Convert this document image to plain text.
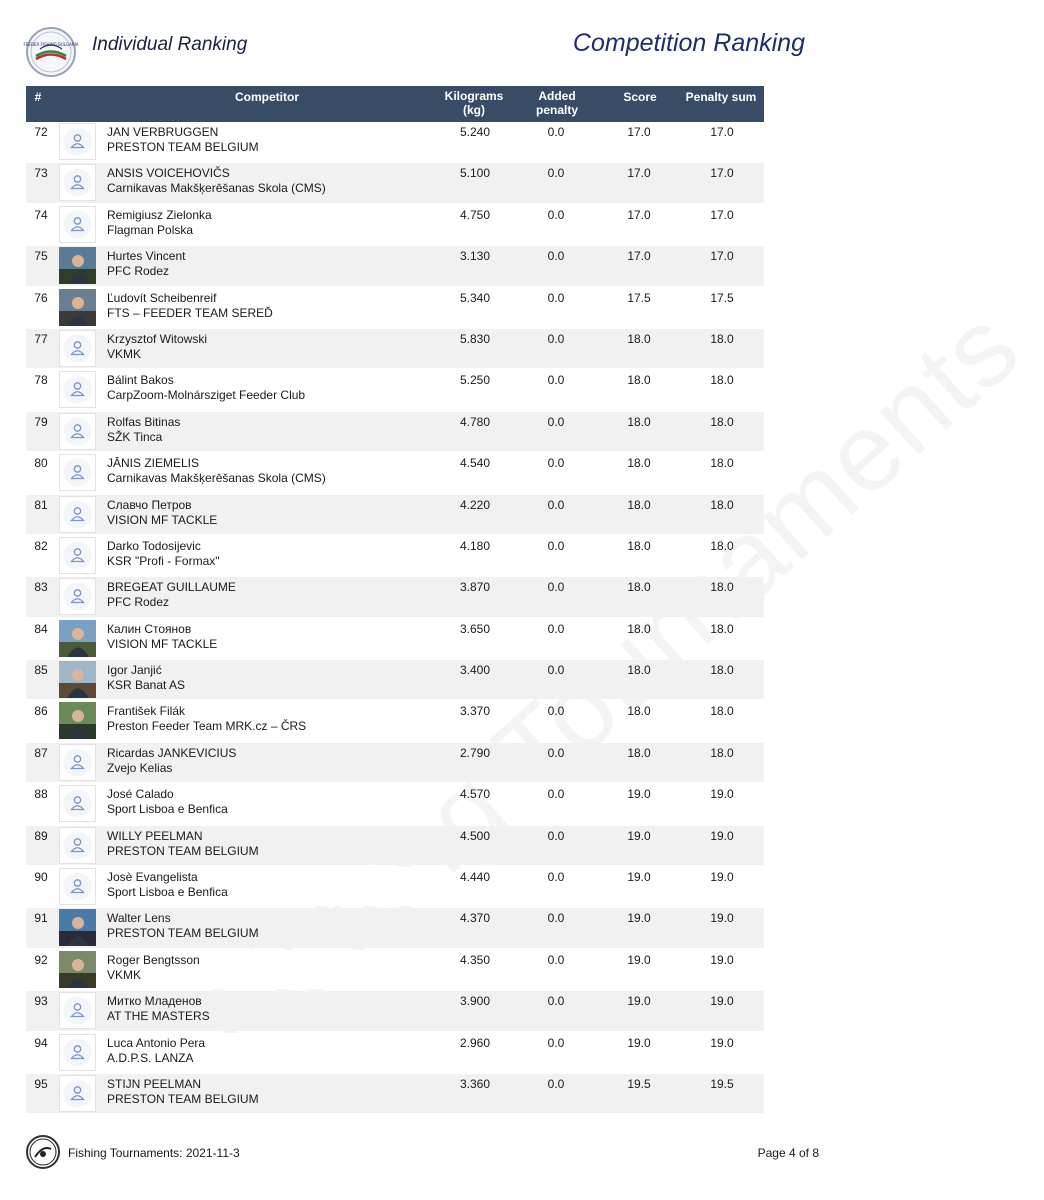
FEEDER FISHING BULGARIA Individual Ranking	Competition Ranking
#	Competitor	Kilograms
(kg)
Added
penalty
Score	Penalty sum
72	JAN VERBRUGGEN
PRESTON TEAM BELGIUM
5.240	0.0	17.0	17.0
73	ANSIS VOICEHOVIČS
Carnikavas Makšķerēšanas Skola (CMS)
5.100	0.0	17.0	17.0
74	Remigiusz Zielonka
Flagman Polska
4.750	0.0	17.0	17.0
75	Hurtes Vincent
PFC Rodez
3.130	0.0	17.0	17.0
76	Ľudovít Scheibenreif
FTS – FEEDER TEAM SEREĎ
5.340	0.0	17.5	17.5
77	Krzysztof Witowski
VKMK
5.830	0.0	18.0	18.0
78	Bálint Bakos
CarpZoom-Molnársziget Feeder Club
5.250	0.0	18.0	18.0
79	Rolfas Bitinas
SŽK Tinca
4.780	0.0	18.0	18.0
80	JĀNIS ZIEMELIS
Carnikavas Makšķerēšanas Skola (CMS)
4.540	0.0	18.0	18.0
81	Славчо Петров
VISION MF TACKLE
4.220	0.0	18.0	18.0
82	Darko Todosijevic
KSR "Profi - Formax"
4.180	0.0	18.0	18.0
83	BREGEAT GUILLAUME
PFC Rodez
3.870	0.0	18.0	18.0
84	Калин Стоянов
VISION MF TACKLE
3.650	0.0	18.0	18.0
85	Igor Janjić
KSR Banat AS
3.400	0.0	18.0	18.0
86	František Filák
Preston Feeder Team MRK.cz – ČRS
3.370	0.0	18.0	18.0
87	Ricardas JANKEVICIUS
Zvejo Kelias
2.790	0.0	18.0	18.0
88	José Calado
Sport Lisboa e Benfica
4.570	0.0	19.0	19.0
89	WILLY PEELMAN
PRESTON TEAM BELGIUM
4.500	0.0	19.0	19.0
90	Josè Evangelista
Sport Lisboa e Benfica
4.440	0.0	19.0	19.0
91	Walter Lens
PRESTON TEAM BELGIUM
4.370	0.0	19.0	19.0
92	Roger Bengtsson
VKMK
4.350	0.0	19.0	19.0
93	Митко Младенов
AT THE MASTERS
3.900	0.0	19.0	19.0
94	Luca Antonio Pera
A.D.P.S. LANZA
2.960	0.0	19.0	19.0
95	STIJN PEELMAN
PRESTON TEAM BELGIUM
3.360	0.0	19.5	19.5
Fishing Tournaments: 2021-11-3	Page 4 of 8
